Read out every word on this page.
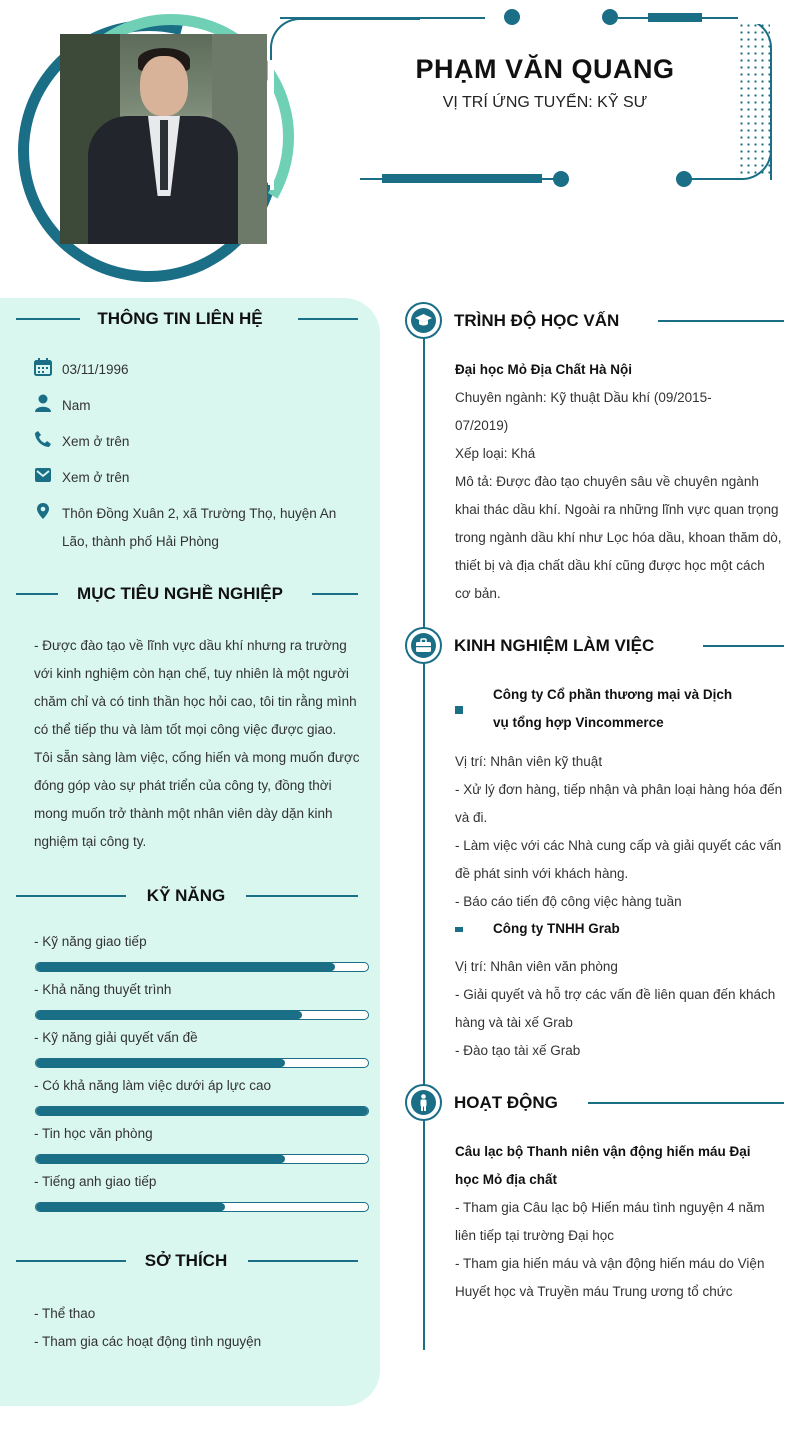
PHẠM VĂN QUANG
VỊ TRÍ ỨNG TUYỂN: KỸ SƯ
THÔNG TIN LIÊN HỆ
03/11/1996
Nam
Xem ở trên
Xem ở trên
Thôn Đồng Xuân 2, xã Trường Thọ, huyện An
Lão, thành phố Hải Phòng
MỤC TIÊU NGHỀ NGHIỆP
- Được đào tạo về lĩnh vực dầu khí nhưng ra trường
với kinh nghiệm còn hạn chế, tuy nhiên là một người
chăm chỉ và có tinh thần học hỏi cao, tôi tin rằng mình
có thể tiếp thu và làm tốt mọi công việc được giao.
Tôi sẵn sàng làm việc, cống hiến và mong muốn được
đóng góp vào sự phát triển của công ty, đồng thời
mong muốn trở thành một nhân viên dày dặn kinh
nghiệm tại công ty.
KỸ NĂNG
- Kỹ năng giao tiếp
- Khả năng thuyết trình
- Kỹ năng giải quyết vấn đề
- Có khả năng làm việc dưới áp lực cao
- Tin học văn phòng
- Tiếng anh giao tiếp
SỞ THÍCH
- Thể thao
- Tham gia các hoạt động tình nguyện
TRÌNH ĐỘ HỌC VẤN
Đại học Mỏ Địa Chất Hà Nội
Chuyên ngành: Kỹ thuật Dầu khí (09/2015-
07/2019)
Xếp loại: Khá
Mô tả: Được đào tạo chuyên sâu về chuyên ngành
khai thác dầu khí. Ngoài ra những lĩnh vực quan trọng
trong ngành dầu khí như Lọc hóa dầu, khoan thăm dò,
thiết bị và địa chất dầu khí cũng được học một cách
cơ bản.
KINH NGHIỆM LÀM VIỆC
Công ty Cổ phần thương mại và Dịch
vụ tổng hợp Vincommerce
Vị trí: Nhân viên kỹ thuật
- Xử lý đơn hàng, tiếp nhận và phân loại hàng hóa đến
và đi.
- Làm việc với các Nhà cung cấp và giải quyết các vấn
đề phát sinh với khách hàng.
- Báo cáo tiến độ công việc hàng tuần
Công ty TNHH Grab
Vị trí: Nhân viên văn phòng
- Giải quyết và hỗ trợ các vấn đề liên quan đến khách
hàng và tài xế Grab
- Đào tạo tài xế Grab
HOẠT ĐỘNG
Câu lạc bộ Thanh niên vận động hiến máu Đại
học Mỏ địa chất
- Tham gia Câu lạc bộ Hiến máu tình nguyện 4 năm
liên tiếp tại trường Đại học
- Tham gia hiến máu và vận động hiến máu do Viện
Huyết học và Truyền máu Trung ương tổ chức
